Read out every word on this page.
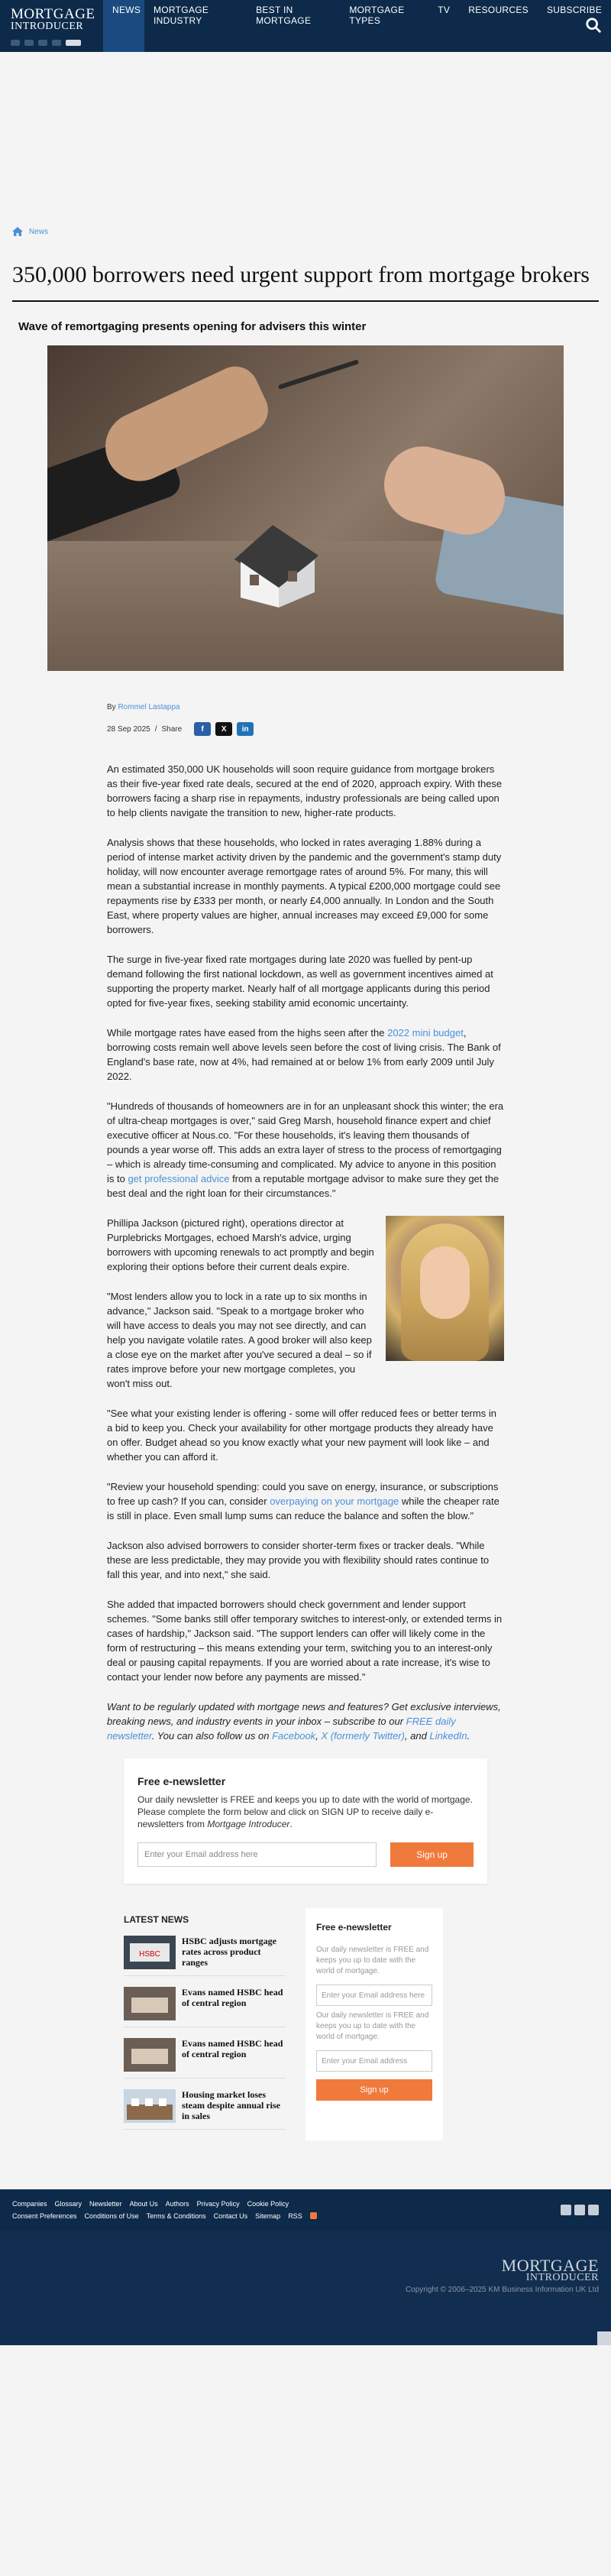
MORTGAGE
INTRODUCER
NEWS	MORTGAGE INDUSTRY
BEST IN MORTGAGE
MORTGAGE TYPES
TV	RESOURCES	SUBSCRIBE
News
350,000 borrowers need urgent support from mortgage brokers
Wave of remortgaging presents opening for advisers this winter
By Rommel Lastappa
28 Sep 2025 / Share	f	X	in

An estimated 350,000 UK households will soon require guidance from mortgage brokers as their five-year fixed rate deals, secured at the end of 2020, approach expiry. With these borrowers facing a sharp rise in repayments, industry professionals are being called upon to help clients navigate the transition to new, higher-rate products.

Analysis shows that these households, who locked in rates averaging 1.88% during a period of intense market activity driven by the pandemic and the government's stamp duty holiday, will now encounter average remortgage rates of around 5%. For many, this will mean a substantial increase in monthly payments. A typical £200,000 mortgage could see repayments rise by £333 per month, or nearly £4,000 annually. In London and the South East, where property values are higher, annual increases may exceed £9,000 for some borrowers.

The surge in five-year fixed rate mortgages during late 2020 was fuelled by pent-up demand following the first national lockdown, as well as government incentives aimed at supporting the property market. Nearly half of all mortgage applicants during this period opted for five-year fixes, seeking stability amid economic uncertainty.

While mortgage rates have eased from the highs seen after the 2022 mini budget, borrowing costs remain well above levels seen before the cost of living crisis. The Bank of England's base rate, now at 4%, had remained at or below 1% from early 2009 until July 2022.

"Hundreds of thousands of homeowners are in for an unpleasant shock this winter; the era of ultra-cheap mortgages is over," said Greg Marsh, household finance expert and chief executive officer at Nous.co. "For these households, it's leaving them thousands of pounds a year worse off. This adds an extra layer of stress to the process of remortgaging – which is already time-consuming and complicated. My advice to anyone in this position is to get professional advice from a reputable mortgage advisor to make sure they get the best deal and the right loan for their circumstances."

Phillipa Jackson (pictured right), operations director at Purplebricks Mortgages, echoed Marsh's advice, urging borrowers with upcoming renewals to act promptly and begin exploring their options before their current deals expire.

"Most lenders allow you to lock in a rate up to six months in advance," Jackson said. "Speak to a mortgage broker who will have access to deals you may not see directly, and can help you navigate volatile rates. A good broker will also keep a close eye on the market after you've secured a deal – so if rates improve before your new mortgage completes, you won't miss out.

"See what your existing lender is offering - some will offer reduced fees or better terms in a bid to keep you. Check your availability for other mortgage products they already have on offer. Budget ahead so you know exactly what your new payment will look like – and whether you can afford it.

"Review your household spending: could you save on energy, insurance, or subscriptions to free up cash? If you can, consider overpaying on your mortgage while the cheaper rate is still in place. Even small lump sums can reduce the balance and soften the blow."

Jackson also advised borrowers to consider shorter-term fixes or tracker deals. "While these are less predictable, they may provide you with flexibility should rates continue to fall this year, and into next," she said.

She added that impacted borrowers should check government and lender support schemes. "Some banks still offer temporary switches to interest-only, or extended terms in cases of hardship," Jackson said. "The support lenders can offer will likely come in the form of restructuring – this means extending your term, switching you to an interest-only deal or pausing capital repayments. If you are worried about a rate increase, it's wise to contact your lender now before any payments are missed."

Want to be regularly updated with mortgage news and features? Get exclusive interviews, breaking news, and industry events in your inbox – subscribe to our FREE daily newsletter. You can also follow us on Facebook, X (formerly Twitter), and LinkedIn.

Free e-newsletter

Our daily newsletter is FREE and keeps you up to date with the world of mortgage. Please complete the form below and click on SIGN UP to receive daily e-newsletters from Mortgage Introducer.

Enter your Email address here	Sign up
LATEST NEWS
HSBC
HSBC adjusts mortgage rates across product ranges
Evans named HSBC head of central region
Evans named HSBC head of central region
Housing market loses steam despite annual rise in sales
Free e-newsletter

Our daily newsletter is FREE and keeps you up to date with the world of mortgage.

Enter your Email address here

Our daily newsletter is FREE and keeps you up to date with the world of mortgage.

Enter your Email address
Sign up
Companies Glossary Newsletter About Us Authors Privacy Policy Cookie Policy
Consent Preferences Conditions of Use Terms & Conditions Contact Us Sitemap RSS
MORTGAGE
INTRODUCER
Copyright © 2006–2025 KM Business Information UK Ltd
